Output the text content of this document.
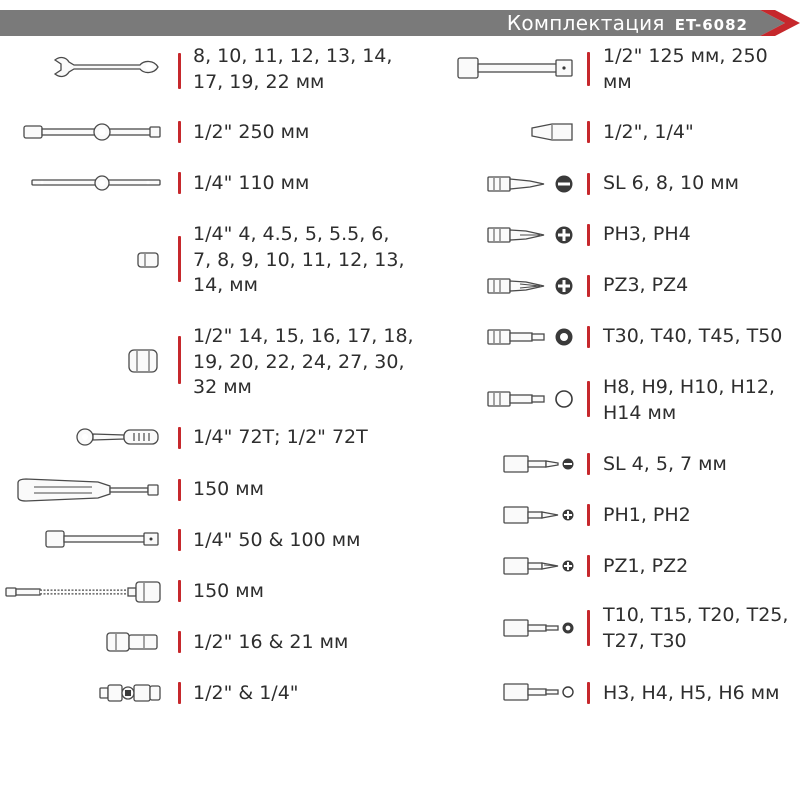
Комплектация ET-6082
8, 10, 11, 12, 13, 14,
17, 19, 22 мм
1/2" 250 мм
1/4" 110 мм
1/4" 4, 4.5, 5, 5.5, 6,
7, 8, 9, 10, 11, 12, 13,
14, мм
1/2" 14, 15, 16, 17, 18,
19, 20, 22, 24, 27, 30,
32 мм
1/4" 72T; 1/2" 72T
150 мм
1/4" 50 & 100 мм
150 мм
1/2" 16 & 21 мм
1/2" & 1/4"
1/2" 125 мм, 250
мм
1/2", 1/4"
SL 6, 8, 10 мм
PH3, PH4
PZ3, PZ4
T30, T40, T45, T50
H8, H9, H10, H12,
H14 мм
SL 4, 5, 7 мм
PH1, PH2
PZ1, PZ2
T10, T15, T20, T25,
T27, T30
H3, H4, H5, H6 мм
